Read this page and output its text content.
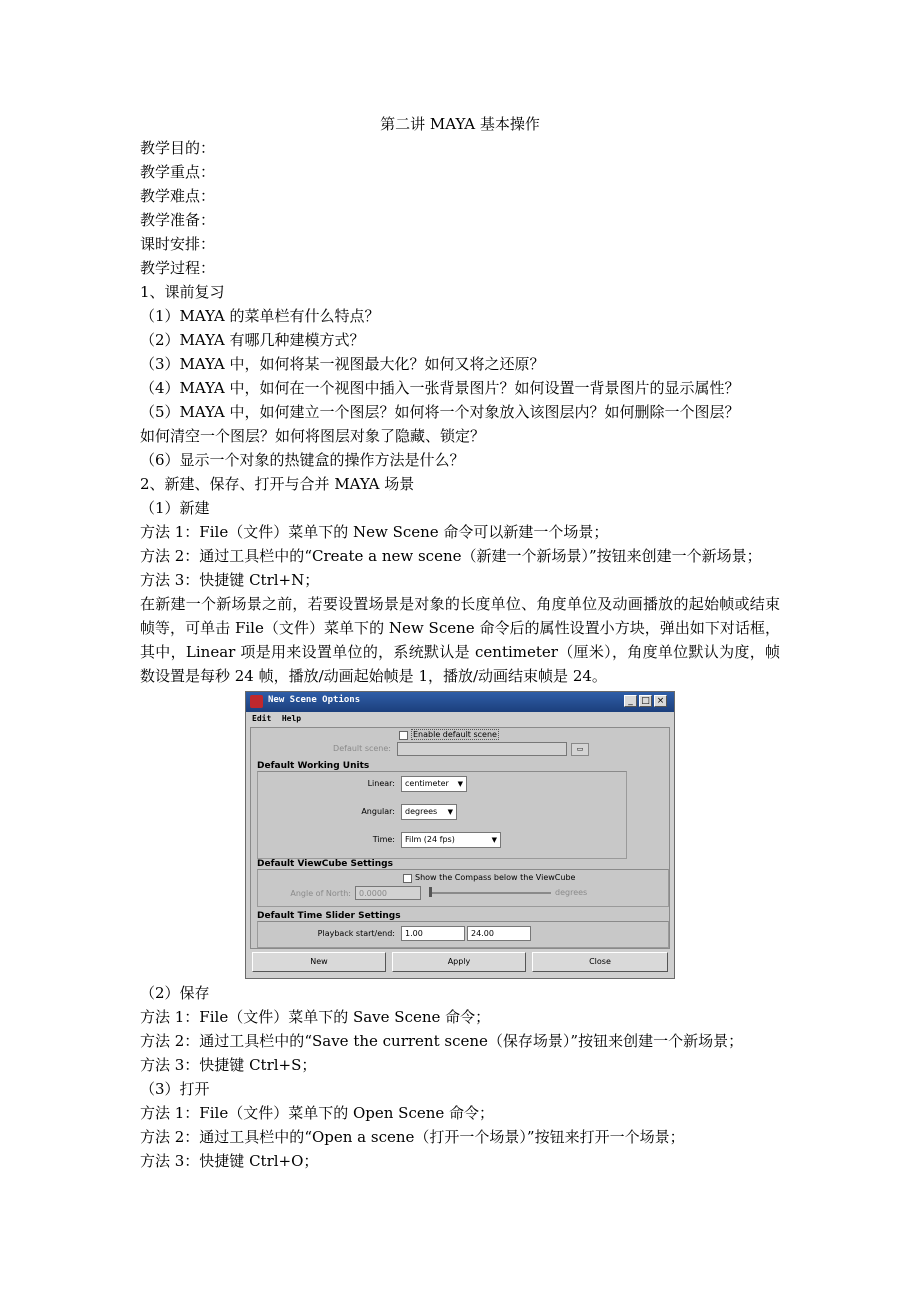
第二讲 MAYA 基本操作
教学目的：
教学重点：
教学难点：
教学准备：
课时安排：
教学过程：
1、课前复习
（1）MAYA 的菜单栏有什么特点？
（2）MAYA 有哪几种建模方式？
（3）MAYA 中，如何将某一视图最大化？如何又将之还原？
（4）MAYA 中，如何在一个视图中插入一张背景图片？如何设置一背景图片的显示属性？
（5）MAYA 中，如何建立一个图层？如何将一个对象放入该图层内？如何删除一个图层？
如何清空一个图层？如何将图层对象了隐藏、锁定？
（6）显示一个对象的热键盒的操作方法是什么？
2、新建、保存、打开与合并 MAYA 场景
（1）新建
方法 1：File（文件）菜单下的 New Scene 命令可以新建一个场景；
方法 2：通过工具栏中的“Create a new scene（新建一个新场景）”按钮来创建一个新场景；
方法 3：快捷键 Ctrl+N；
在新建一个新场景之前，若要设置场景是对象的长度单位、角度单位及动画播放的起始帧或结束帧等，可单击 File（文件）菜单下的 New Scene 命令后的属性设置小方块，弹出如下对话框，其中，Linear 项是用来设置单位的，系统默认是 centimeter（厘米），角度单位默认为度，帧数设置是每秒 24 帧，播放/动画起始帧是 1，播放/动画结束帧是 24。
New Scene Options	_ □ ×
Edit Help
Enable default scene
Default scene:	▭
Default Working Units
Linear:	centimeter ▼
Angular:	degrees ▼
Time:	Film (24 fps)	▼
Default ViewCube Settings
Show the Compass below the ViewCube
Angle of North:	0.0000	degrees
Default Time Slider Settings
Playback start/end:	1.00	24.00
New	Apply	Close
（2）保存
方法 1：File（文件）菜单下的 Save Scene 命令；
方法 2：通过工具栏中的“Save the current scene（保存场景）”按钮来创建一个新场景；
方法 3：快捷键 Ctrl+S；
（3）打开
方法 1：File（文件）菜单下的 Open Scene 命令；
方法 2：通过工具栏中的“Open a scene（打开一个场景）”按钮来打开一个场景；
方法 3：快捷键 Ctrl+O；
